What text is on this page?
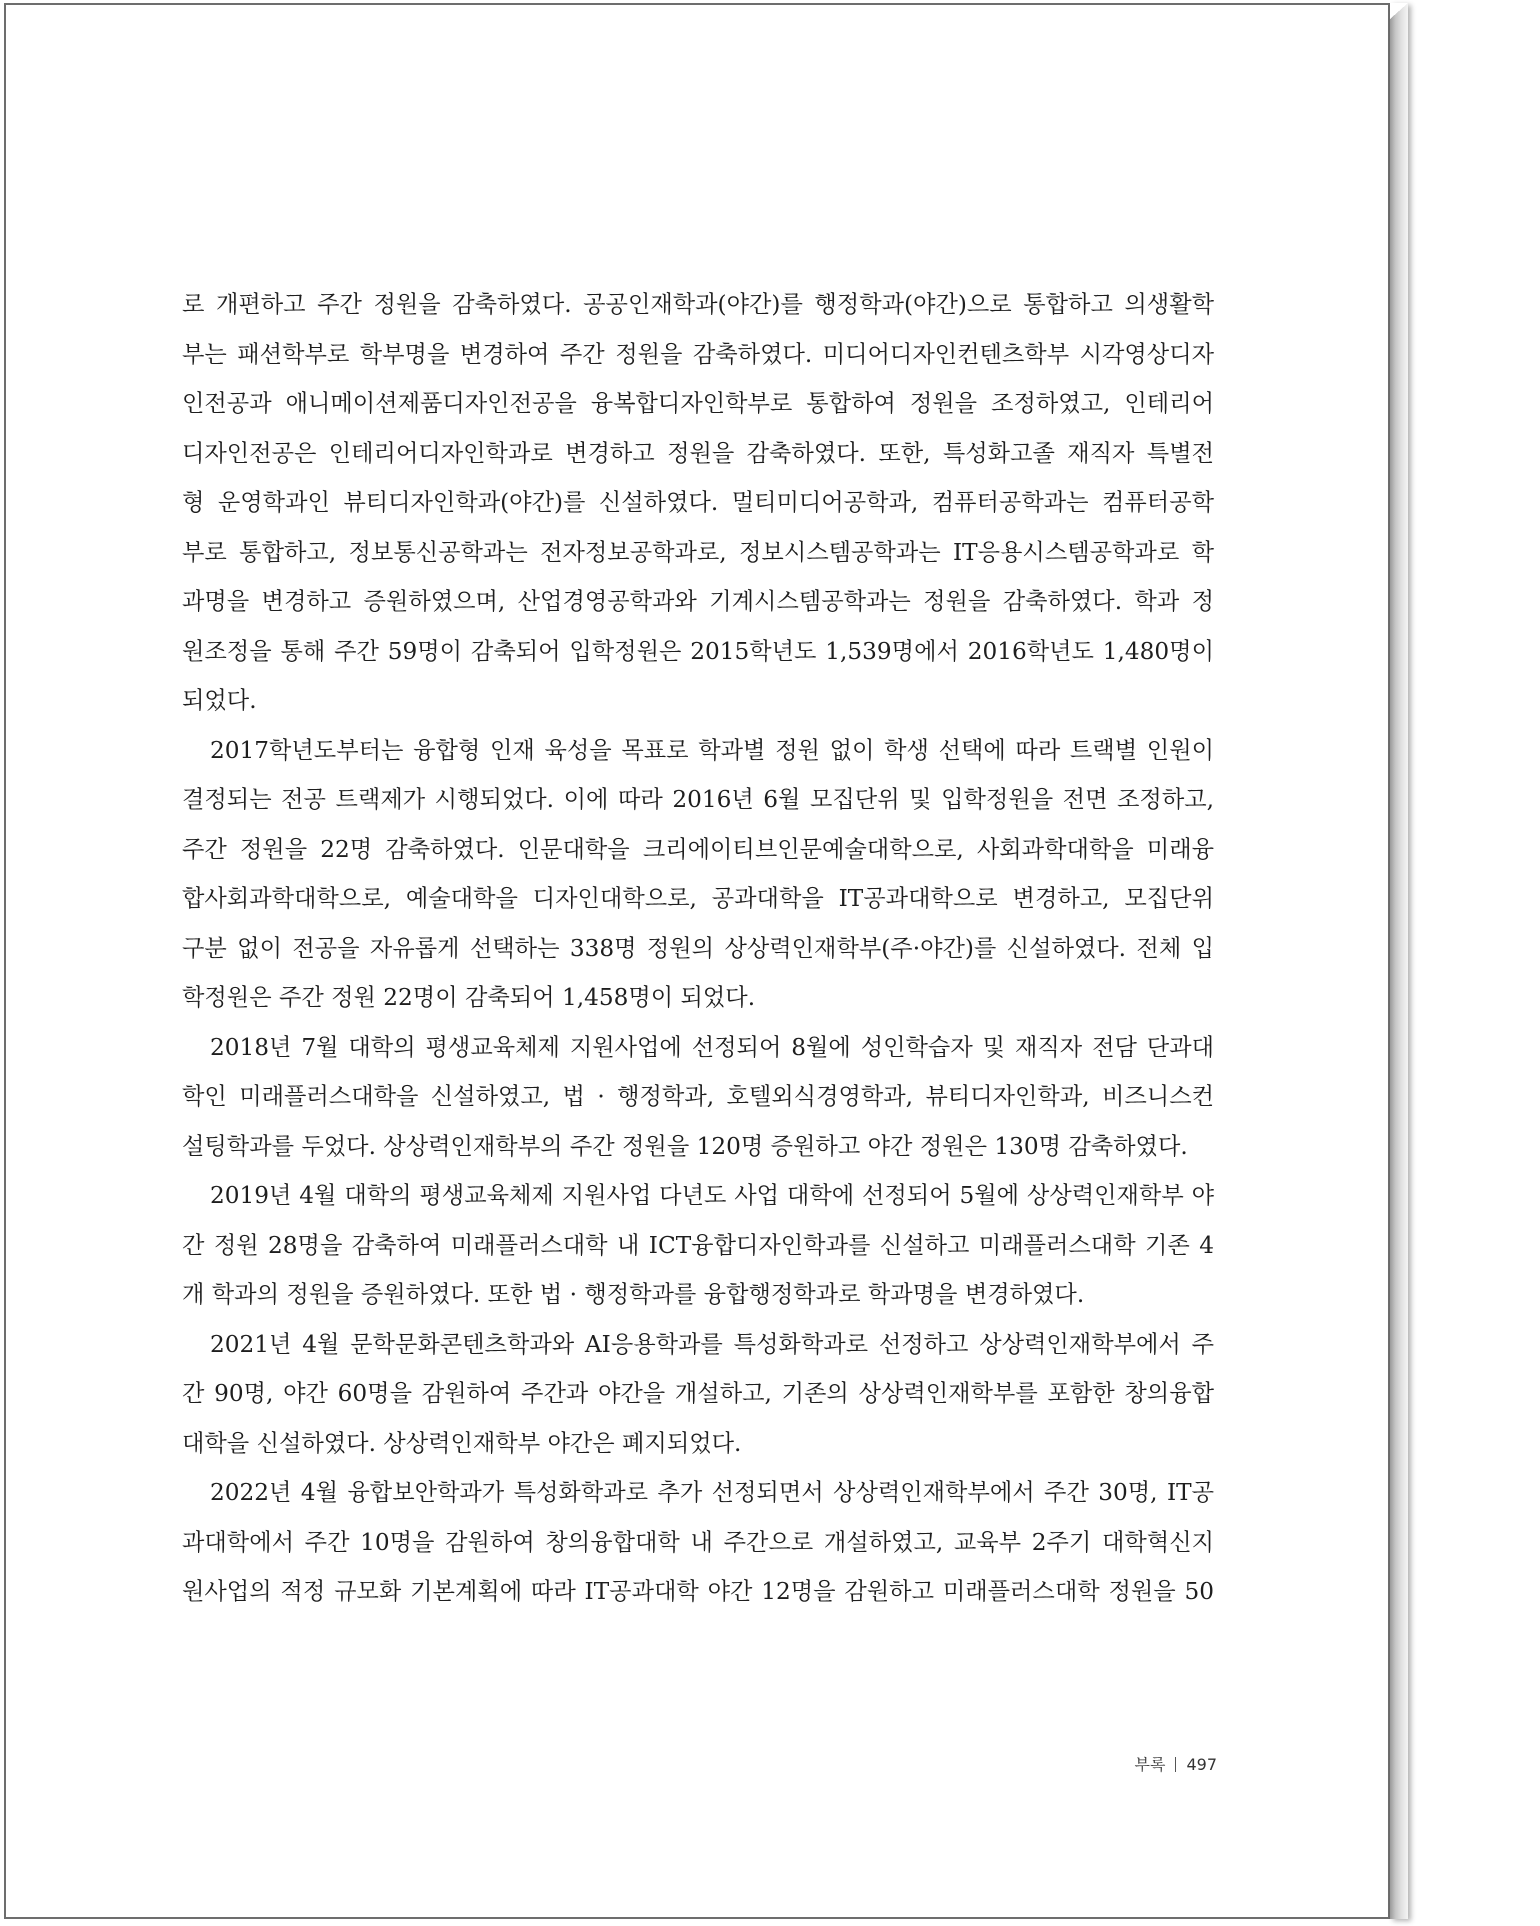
로 개편하고 주간 정원을 감축하였다. 공공인재학과(야간)를 행정학과(야간)으로 통합하고 의생활학
부는 패션학부로 학부명을 변경하여 주간 정원을 감축하였다. 미디어디자인컨텐츠학부 시각영상디자
인전공과 애니메이션제품디자인전공을 융복합디자인학부로 통합하여 정원을 조정하였고, 인테리어
디자인전공은 인테리어디자인학과로 변경하고 정원을 감축하였다. 또한, 특성화고졸 재직자 특별전
형 운영학과인 뷰티디자인학과(야간)를 신설하였다. 멀티미디어공학과, 컴퓨터공학과는 컴퓨터공학
부로 통합하고, 정보통신공학과는 전자정보공학과로, 정보시스템공학과는 IT응용시스템공학과로 학
과명을 변경하고 증원하였으며, 산업경영공학과와 기계시스템공학과는 정원을 감축하였다. 학과 정
원조정을 통해 주간 59명이 감축되어 입학정원은 2015학년도 1,539명에서 2016학년도 1,480명이
되었다.
2017학년도부터는 융합형 인재 육성을 목표로 학과별 정원 없이 학생 선택에 따라 트랙별 인원이
결정되는 전공 트랙제가 시행되었다. 이에 따라 2016년 6월 모집단위 및 입학정원을 전면 조정하고,
주간 정원을 22명 감축하였다. 인문대학을 크리에이티브인문예술대학으로, 사회과학대학을 미래융
합사회과학대학으로, 예술대학을 디자인대학으로, 공과대학을 IT공과대학으로 변경하고, 모집단위
구분 없이 전공을 자유롭게 선택하는 338명 정원의 상상력인재학부(주·야간)를 신설하였다. 전체 입
학정원은 주간 정원 22명이 감축되어 1,458명이 되었다.
2018년 7월 대학의 평생교육체제 지원사업에 선정되어 8월에 성인학습자 및 재직자 전담 단과대
학인 미래플러스대학을 신설하였고, 법 · 행정학과, 호텔외식경영학과, 뷰티디자인학과, 비즈니스컨
설팅학과를 두었다. 상상력인재학부의 주간 정원을 120명 증원하고 야간 정원은 130명 감축하였다.
2019년 4월 대학의 평생교육체제 지원사업 다년도 사업 대학에 선정되어 5월에 상상력인재학부 야
간 정원 28명을 감축하여 미래플러스대학 내 ICT융합디자인학과를 신설하고 미래플러스대학 기존 4
개 학과의 정원을 증원하였다. 또한 법 · 행정학과를 융합행정학과로 학과명을 변경하였다.
2021년 4월 문학문화콘텐츠학과와 AI응용학과를 특성화학과로 선정하고 상상력인재학부에서 주
간 90명, 야간 60명을 감원하여 주간과 야간을 개설하고, 기존의 상상력인재학부를 포함한 창의융합
대학을 신설하였다. 상상력인재학부 야간은 폐지되었다.
2022년 4월 융합보안학과가 특성화학과로 추가 선정되면서 상상력인재학부에서 주간 30명, IT공
과대학에서 주간 10명을 감원하여 창의융합대학 내 주간으로 개설하였고, 교육부 2주기 대학혁신지
원사업의 적정 규모화 기본계획에 따라 IT공과대학 야간 12명을 감원하고 미래플러스대학 정원을 50
부록 497
